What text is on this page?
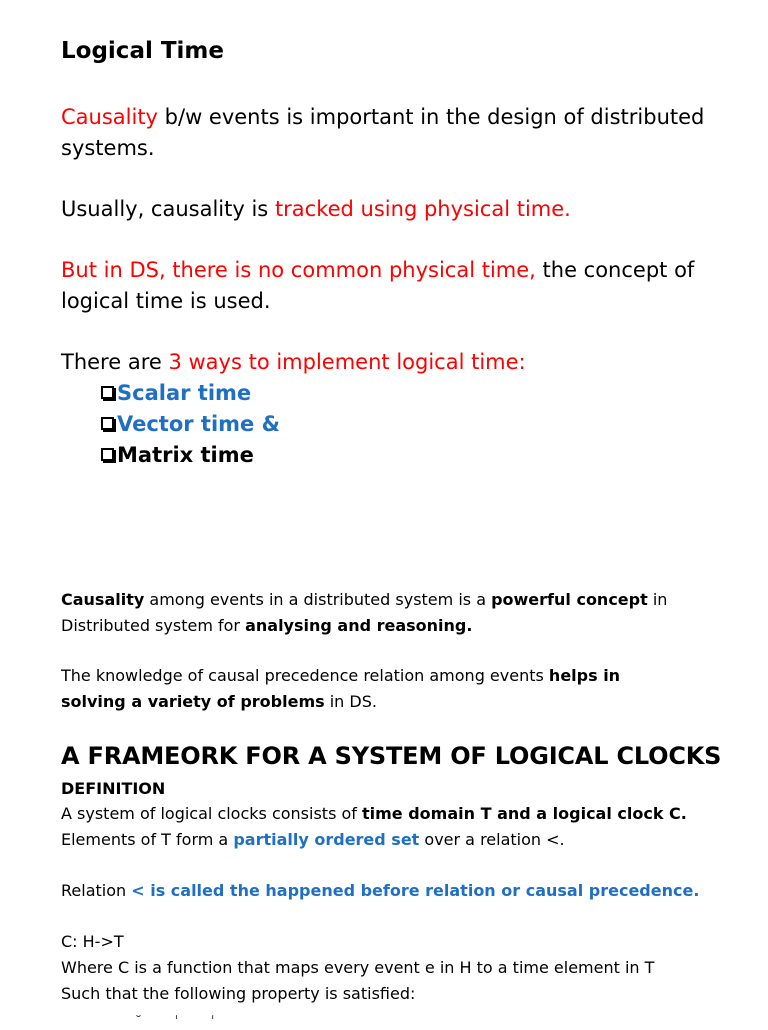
Logical Time
Causality b/w events is important in the design of distributed
systems.
Usually, causality is tracked using physical time.
But in DS, there is no common physical time, the concept of
logical time is used.
There are 3 ways to implement logical time:
Scalar time
Vector time &
Matrix time
Causality among events in a distributed system is a powerful concept in
Distributed system for analysing and reasoning.
The knowledge of causal precedence relation among events helps in
solving a variety of problems in DS.
A FRAMEORK FOR A SYSTEM OF LOGICAL CLOCKS
DEFINITION
A system of logical clocks consists of time domain T and a logical clock C.
Elements of T form a partially ordered set over a relation <.
Relation < is called the happened before relation or causal precedence.
C: H->T
Where C is a function that maps every event e in H to a time element in T
Such that the following property is satisfied:
˘ ˈ ˈ
